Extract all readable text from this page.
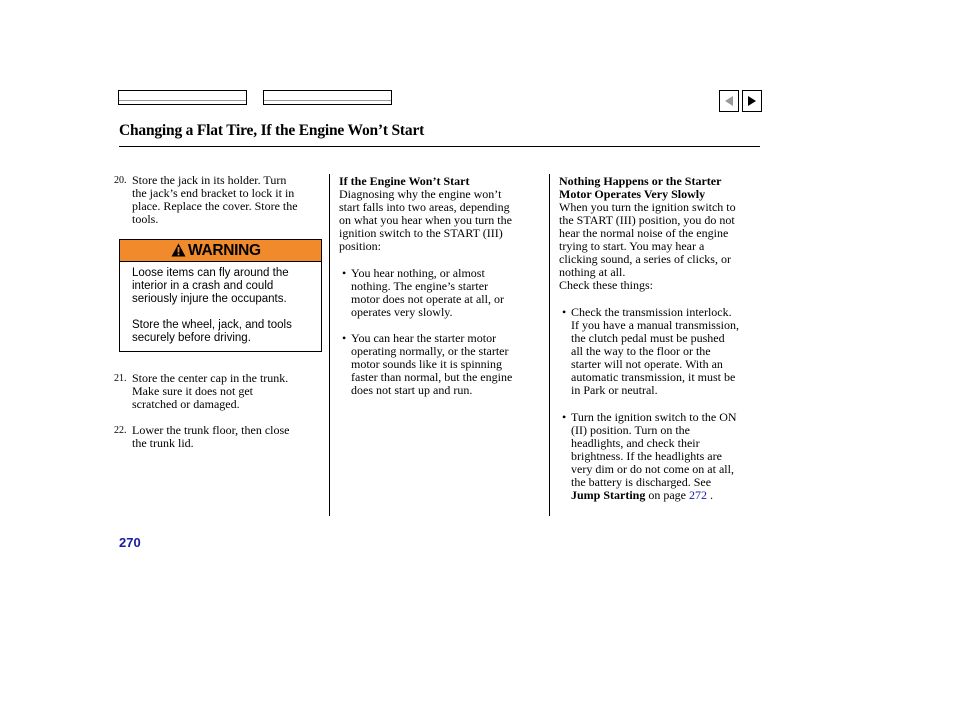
Changing a Flat Tire, If the Engine Won’t Start
20. Store the jack in its holder. Turn
the jack’s end bracket to lock it in
place. Replace the cover. Store the
tools.
WARNING
Loose items can fly around the
interior in a crash and could
seriously injure the occupants.
Store the wheel, jack, and tools
securely before driving.
21. Store the center cap in the trunk.
Make sure it does not get
scratched or damaged.
22. Lower the trunk floor, then close
the trunk lid.
If the Engine Won’t Start
Diagnosing why the engine won’t
start falls into two areas, depending
on what you hear when you turn the
ignition switch to the START (III)
position:
• You hear nothing, or almost
nothing. The engine’s starter
motor does not operate at all, or
operates very slowly.
• You can hear the starter motor
operating normally, or the starter
motor sounds like it is spinning
faster than normal, but the engine
does not start up and run.
Nothing Happens or the Starter
Motor Operates Very Slowly
When you turn the ignition switch to
the START (III) position, you do not
hear the normal noise of the engine
trying to start. You may hear a
clicking sound, a series of clicks, or
nothing at all.
Check these things:
• Check the transmission interlock.
If you have a manual transmission,
the clutch pedal must be pushed
all the way to the floor or the
starter will not operate. With an
automatic transmission, it must be
in Park or neutral.
• Turn the ignition switch to the ON
(II) position. Turn on the
headlights, and check their
brightness. If the headlights are
very dim or do not come on at all,
the battery is discharged. See
Jump Starting on page 272 .
270
